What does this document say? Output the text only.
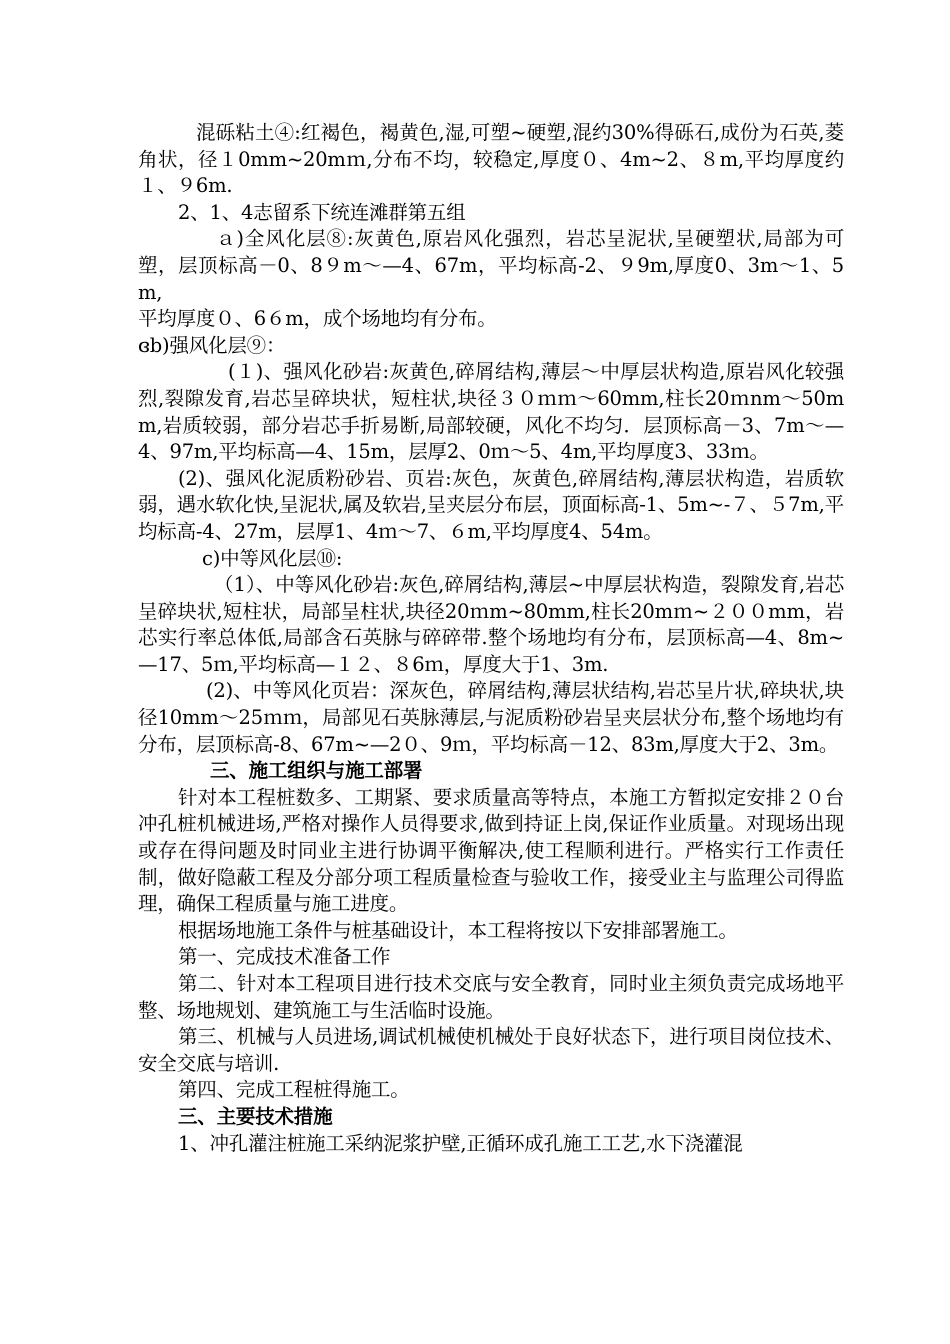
混砾粘土④:红褐色，褐黄色,湿,可塑~硬塑,混约30%得砾石,成份为石英,菱角状，径１0mm~20mｍ,分布不均，较稳定,厚度０、4m~2、８m,平均厚度约１、９6m.

2、1、4志留系下统连滩群第五组

ａ)全风化层⑧:灰黄色,原岩风化强烈，岩芯呈泥状,呈硬塑状,局部为可塑，层顶标高－0、8９m～—4、67m，平均标高-2、９9m,厚度0、3m～1、5m,

平均厚度０、6６m，成个场地均有分布。

ɞb)强风化层⑨：

(１)、强风化砂岩:灰黄色,碎屑结构,薄层～中厚层状构造,原岩风化较强烈,裂隙发育,岩芯呈碎块状，短柱状,块径３０ｍｍ～60mm,柱长20ｍnm～50mm,岩质较弱，部分岩芯手折易断,局部较硬，风化不均匀．层顶标高－3、7m～—4、97m,平均标高—4、15m，层厚2、0ｍ～5、4m,平均厚度3、33ｍ。

(2)、强风化泥质粉砂岩、页岩:灰色，灰黄色,碎屑结构,薄层状构造，岩质软弱，遇水软化快,呈泥状,属及软岩,呈夹层分布层，顶面标高-1、5m~-７、５7m,平均标高-4、27m，层厚1、4ｍ～7、６m,平均厚度4、54m。

c)中等风化层⑩:

（1）、中等风化砂岩:灰色,碎屑结构,薄层~中厚层状构造，裂隙发育,岩芯呈碎块状,短柱状，局部呈柱状,块径20ｍm~80mm,柱长20mｍ~２００mm，岩芯实行率总体低,局部含石英脉与碎碎带.整个场地均有分布，层顶标高—4、8m~—17、5ｍ,平均标高—１２、８6ｍ，厚度大于1、3m.

(2)、中等风化页岩：深灰色，碎屑结构,薄层状结构,岩芯呈片状,碎块状,块径10mm～25ｍｍ，局部见石英脉薄层,与泥质粉砂岩呈夹层状分布,整个场地均有分布，层顶标高-8、67m~—2０、9ｍ，平均标高－12、83m,厚度大于2、3m。

三、施工组织与施工部署

针对本工程桩数多、工期紧、要求质量高等特点，本施工方暂拟定安排２０台冲孔桩机械进场,严格对操作人员得要求,做到持证上岗,保证作业质量。对现场出现或存在得问题及时同业主进行协调平衡解决,使工程顺利进行。严格实行工作责任制，做好隐蔽工程及分部分项工程质量检查与验收工作，接受业主与监理公司得监理，确保工程质量与施工进度。

根据场地施工条件与桩基础设计，本工程将按以下安排部署施工。

第一、完成技术准备工作

第二、针对本工程项目进行技术交底与安全教育，同时业主须负责完成场地平整、场地规划、建筑施工与生活临时设施。

第三、机械与人员进场,调试机械使机械处于良好状态下，进行项目岗位技术、安全交底与培训.

第四、完成工程桩得施工。

三、主要技术措施

1、冲孔灌注桩施工采纳泥浆护壁,正循环成孔施工工艺,水下浇灌混
